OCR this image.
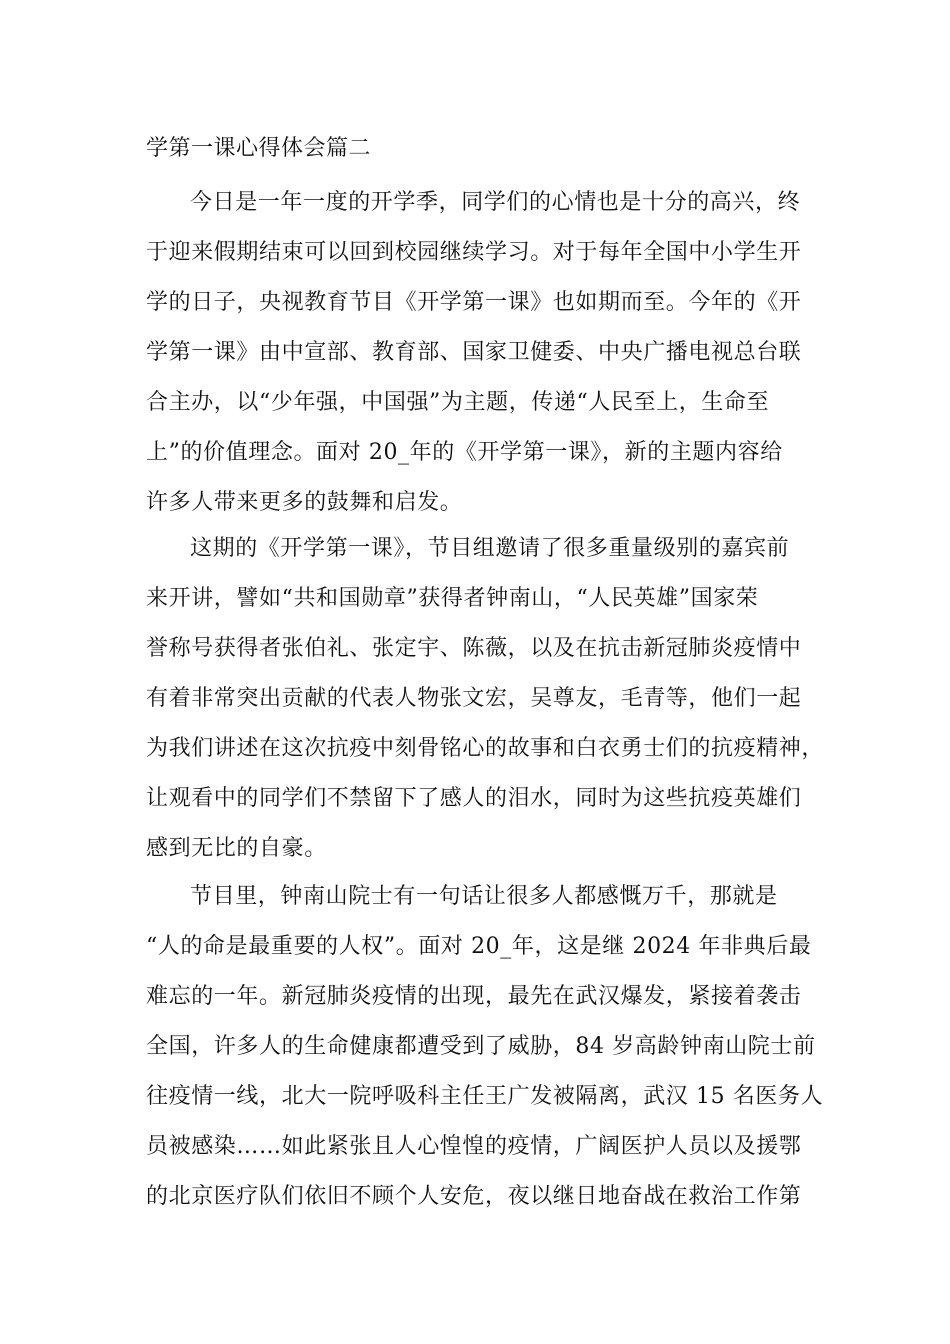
学第一课心得体会篇二
今日是一年一度的开学季，同学们的心情也是十分的高兴，终
于迎来假期结束可以回到校园继续学习。对于每年全国中小学生开
学的日子，央视教育节目《开学第一课》也如期而至。今年的《开
学第一课》由中宣部、教育部、国家卫健委、中央广播电视总台联
合主办，以“少年强，中国强”为主题，传递“人民至上，生命至
上”的价值理念。面对 20_年的《开学第一课》，新的主题内容给
许多人带来更多的鼓舞和启发。
这期的《开学第一课》，节目组邀请了很多重量级别的嘉宾前
来开讲，譬如“共和国勋章”获得者钟南山，“人民英雄”国家荣
誉称号获得者张伯礼、张定宇、陈薇，以及在抗击新冠肺炎疫情中
有着非常突出贡献的代表人物张文宏，吴尊友，毛青等，他们一起
为我们讲述在这次抗疫中刻骨铭心的故事和白衣勇士们的抗疫精神，
让观看中的同学们不禁留下了感人的泪水，同时为这些抗疫英雄们
感到无比的自豪。
节目里，钟南山院士有一句话让很多人都感慨万千，那就是
“人的命是最重要的人权”。面对 20_年，这是继 2024 年非典后最
难忘的一年。新冠肺炎疫情的出现，最先在武汉爆发，紧接着袭击
全国，许多人的生命健康都遭受到了威胁，84 岁高龄钟南山院士前
往疫情一线，北大一院呼吸科主任王广发被隔离，武汉 15 名医务人
员被感染……如此紧张且人心惶惶的疫情，广阔医护人员以及援鄂
的北京医疗队们依旧不顾个人安危，夜以继日地奋战在救治工作第
